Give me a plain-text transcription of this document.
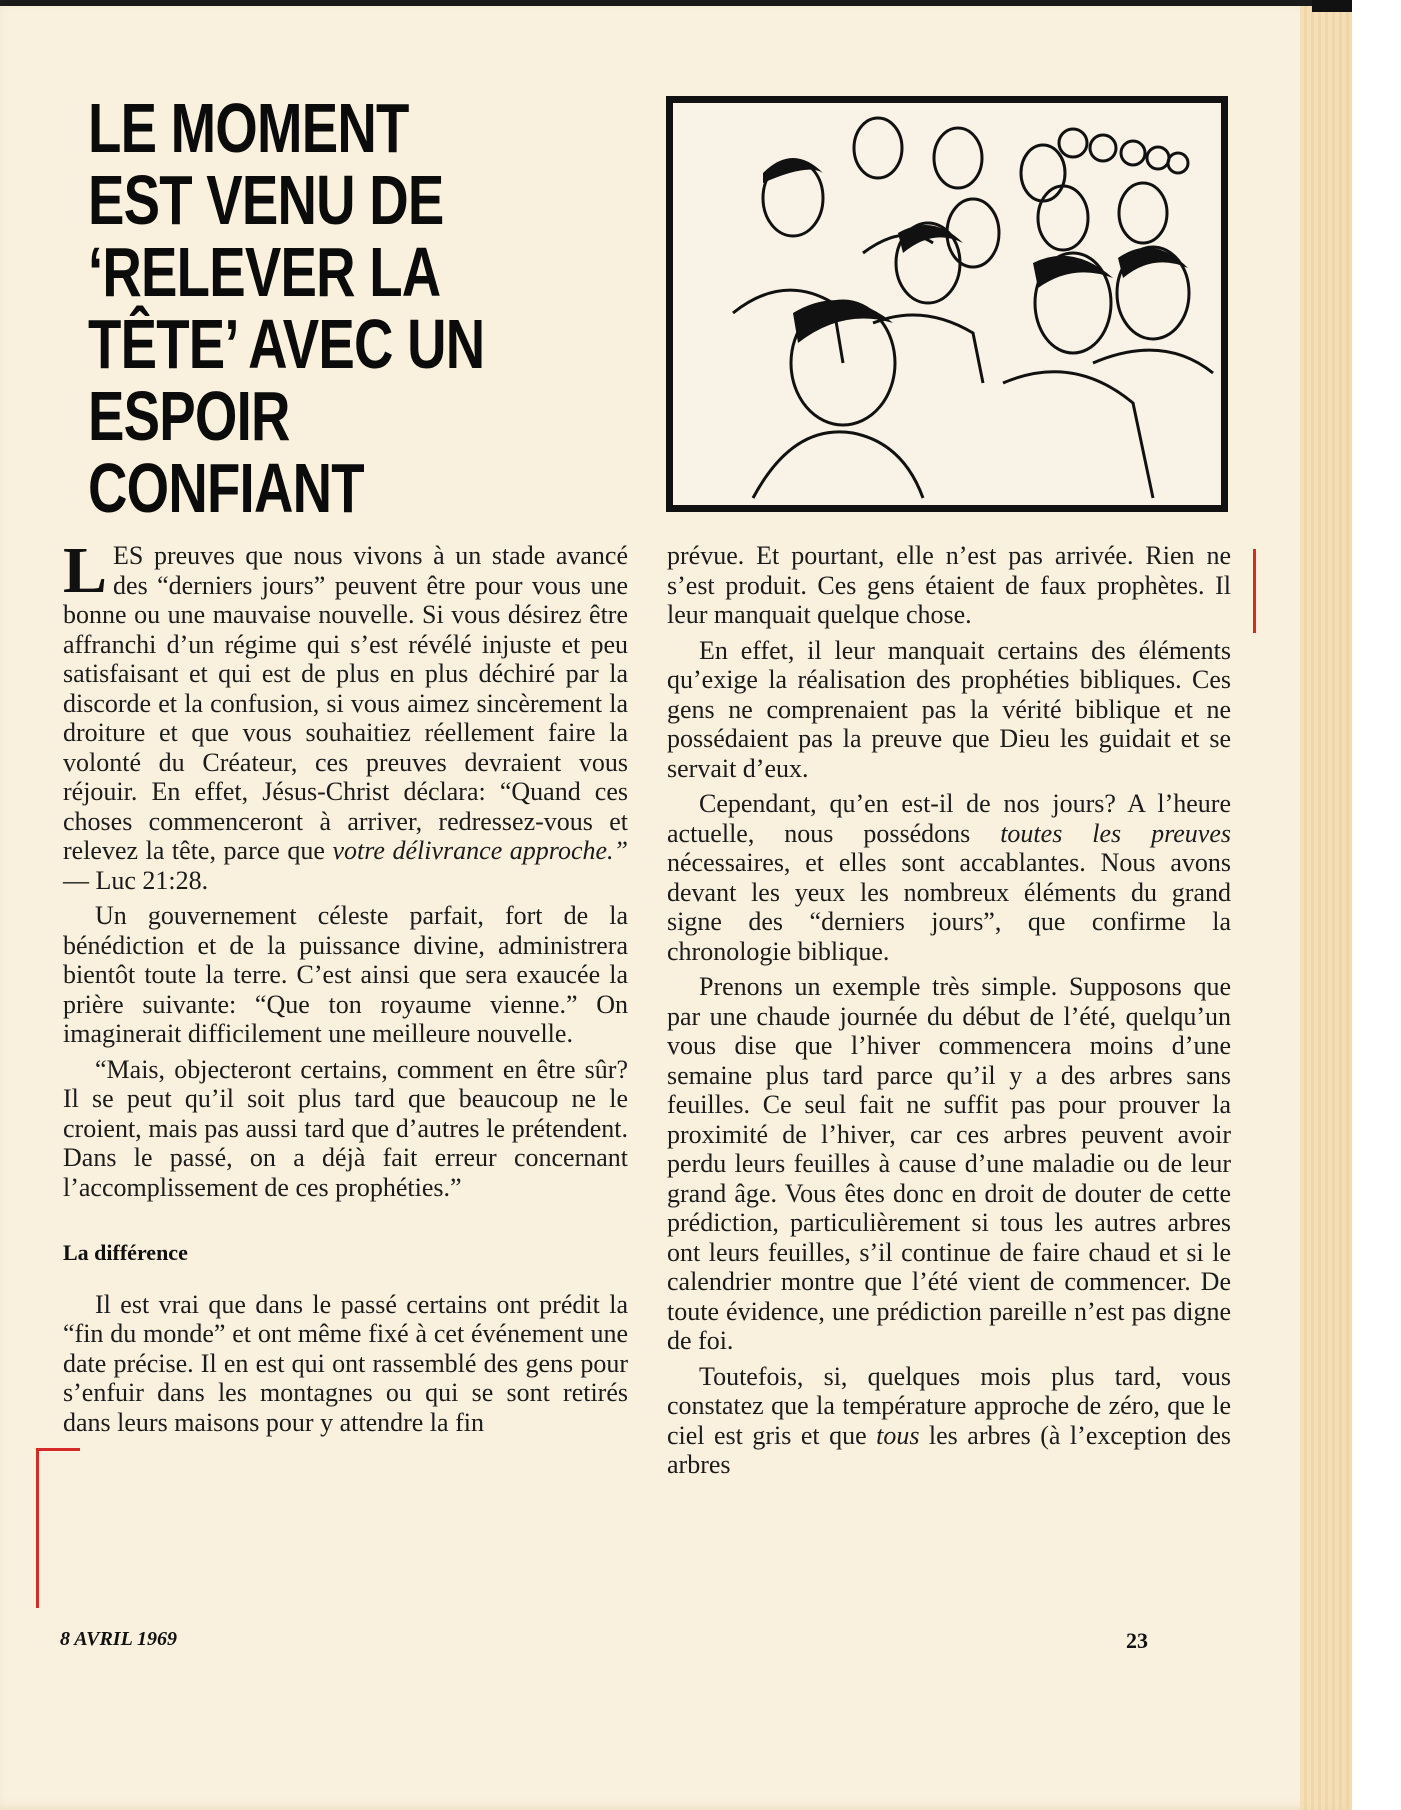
LE MOMENT EST VENU DE ‘RELEVER LA TÊTE’ AVEC UN ESPOIR CONFIANT

LES preuves que nous vivons à un stade avancé des “derniers jours” peuvent être pour vous une bonne ou une mauvaise nouvelle. Si vous désirez être affranchi d’un régime qui s’est révélé injuste et peu satisfaisant et qui est de plus en plus déchiré par la discorde et la confusion, si vous aimez sincèrement la droiture et que vous souhaitiez réellement faire la volonté du Créateur, ces preuves devraient vous réjouir. En effet, Jésus-Christ déclara: “Quand ces choses commenceront à arriver, redressez-vous et relevez la tête, parce que votre délivrance approche.” — Luc 21:28.

Un gouvernement céleste parfait, fort de la bénédiction et de la puissance divine, administrera bientôt toute la terre. C’est ainsi que sera exaucée la prière suivante: “Que ton royaume vienne.” On imaginerait difficilement une meilleure nouvelle.

“Mais, objecteront certains, comment en être sûr? Il se peut qu’il soit plus tard que beaucoup ne le croient, mais pas aussi tard que d’autres le prétendent. Dans le passé, on a déjà fait erreur concernant l’accomplissement de ces prophéties.”

La différence

Il est vrai que dans le passé certains ont prédit la “fin du monde” et ont même fixé à cet événement une date précise. Il en est qui ont rassemblé des gens pour s’enfuir dans les montagnes ou qui se sont retirés dans leurs maisons pour y attendre la fin

prévue. Et pourtant, elle n’est pas arrivée. Rien ne s’est produit. Ces gens étaient de faux prophètes. Il leur manquait quelque chose.

En effet, il leur manquait certains des éléments qu’exige la réalisation des prophéties bibliques. Ces gens ne comprenaient pas la vérité biblique et ne possédaient pas la preuve que Dieu les guidait et se servait d’eux.

Cependant, qu’en est-il de nos jours? A l’heure actuelle, nous possédons toutes les preuves nécessaires, et elles sont accablantes. Nous avons devant les yeux les nombreux éléments du grand signe des “derniers jours”, que confirme la chronologie biblique.

Prenons un exemple très simple. Supposons que par une chaude journée du début de l’été, quelqu’un vous dise que l’hiver commencera moins d’une semaine plus tard parce qu’il y a des arbres sans feuilles. Ce seul fait ne suffit pas pour prouver la proximité de l’hiver, car ces arbres peuvent avoir perdu leurs feuilles à cause d’une maladie ou de leur grand âge. Vous êtes donc en droit de douter de cette prédiction, particulièrement si tous les autres arbres ont leurs feuilles, s’il continue de faire chaud et si le calendrier montre que l’été vient de commencer. De toute évidence, une prédiction pareille n’est pas digne de foi.

Toutefois, si, quelques mois plus tard, vous constatez que la température approche de zéro, que le ciel est gris et que tous les arbres (à l’exception des arbres

8 AVRIL 1969	23
